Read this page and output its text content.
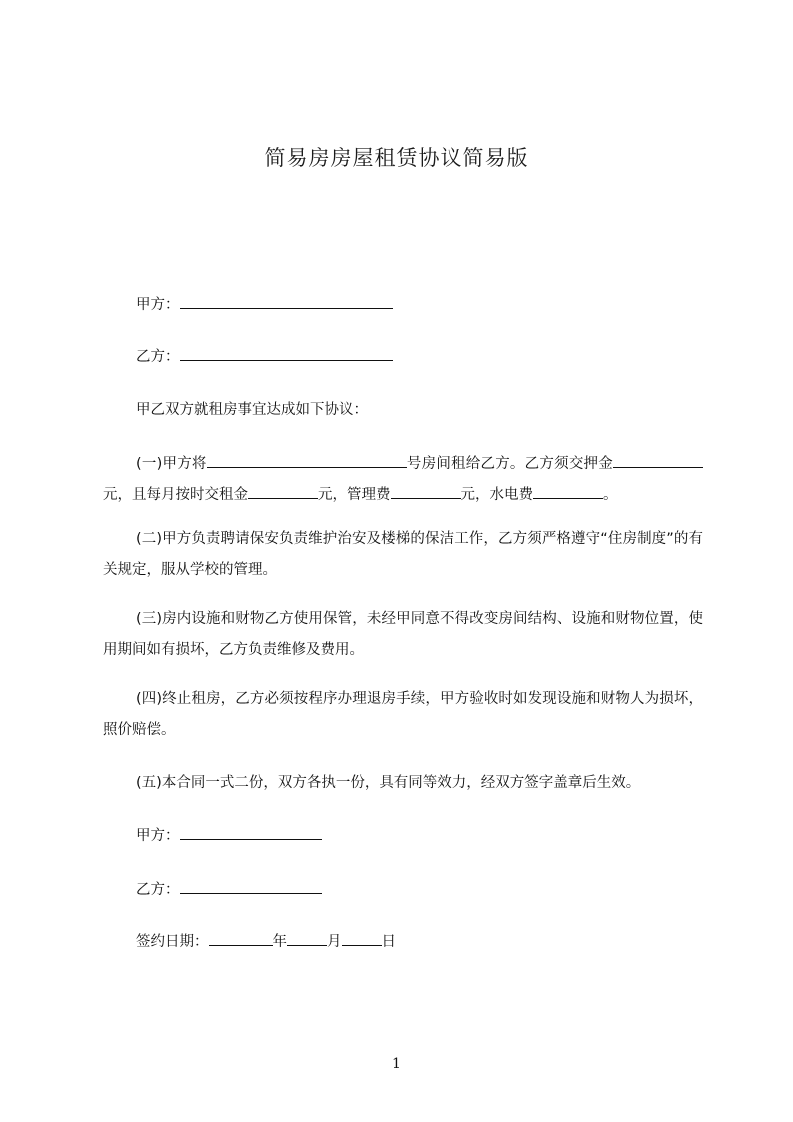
简易房房屋租赁协议简易版
甲方：
乙方：
甲乙双方就租房事宜达成如下协议：

(一)甲方将	号房间租给乙方。乙方须交押金元，且每月按时交租金	元，管理费	元，水电费	。

(二)甲方负责聘请保安负责维护治安及楼梯的保洁工作，乙方须严格遵守“住房制度”的有关规定，服从学校的管理。

(三)房内设施和财物乙方使用保管，未经甲同意不得改变房间结构、设施和财物位置，使用期间如有损坏，乙方负责维修及费用。

(四)终止租房，乙方必须按程序办理退房手续，甲方验收时如发现设施和财物人为损坏，照价赔偿。

(五)本合同一式二份，双方各执一份，具有同等效力，经双方签字盖章后生效。
甲方：
乙方：
签约日期：	年	月	日
1
